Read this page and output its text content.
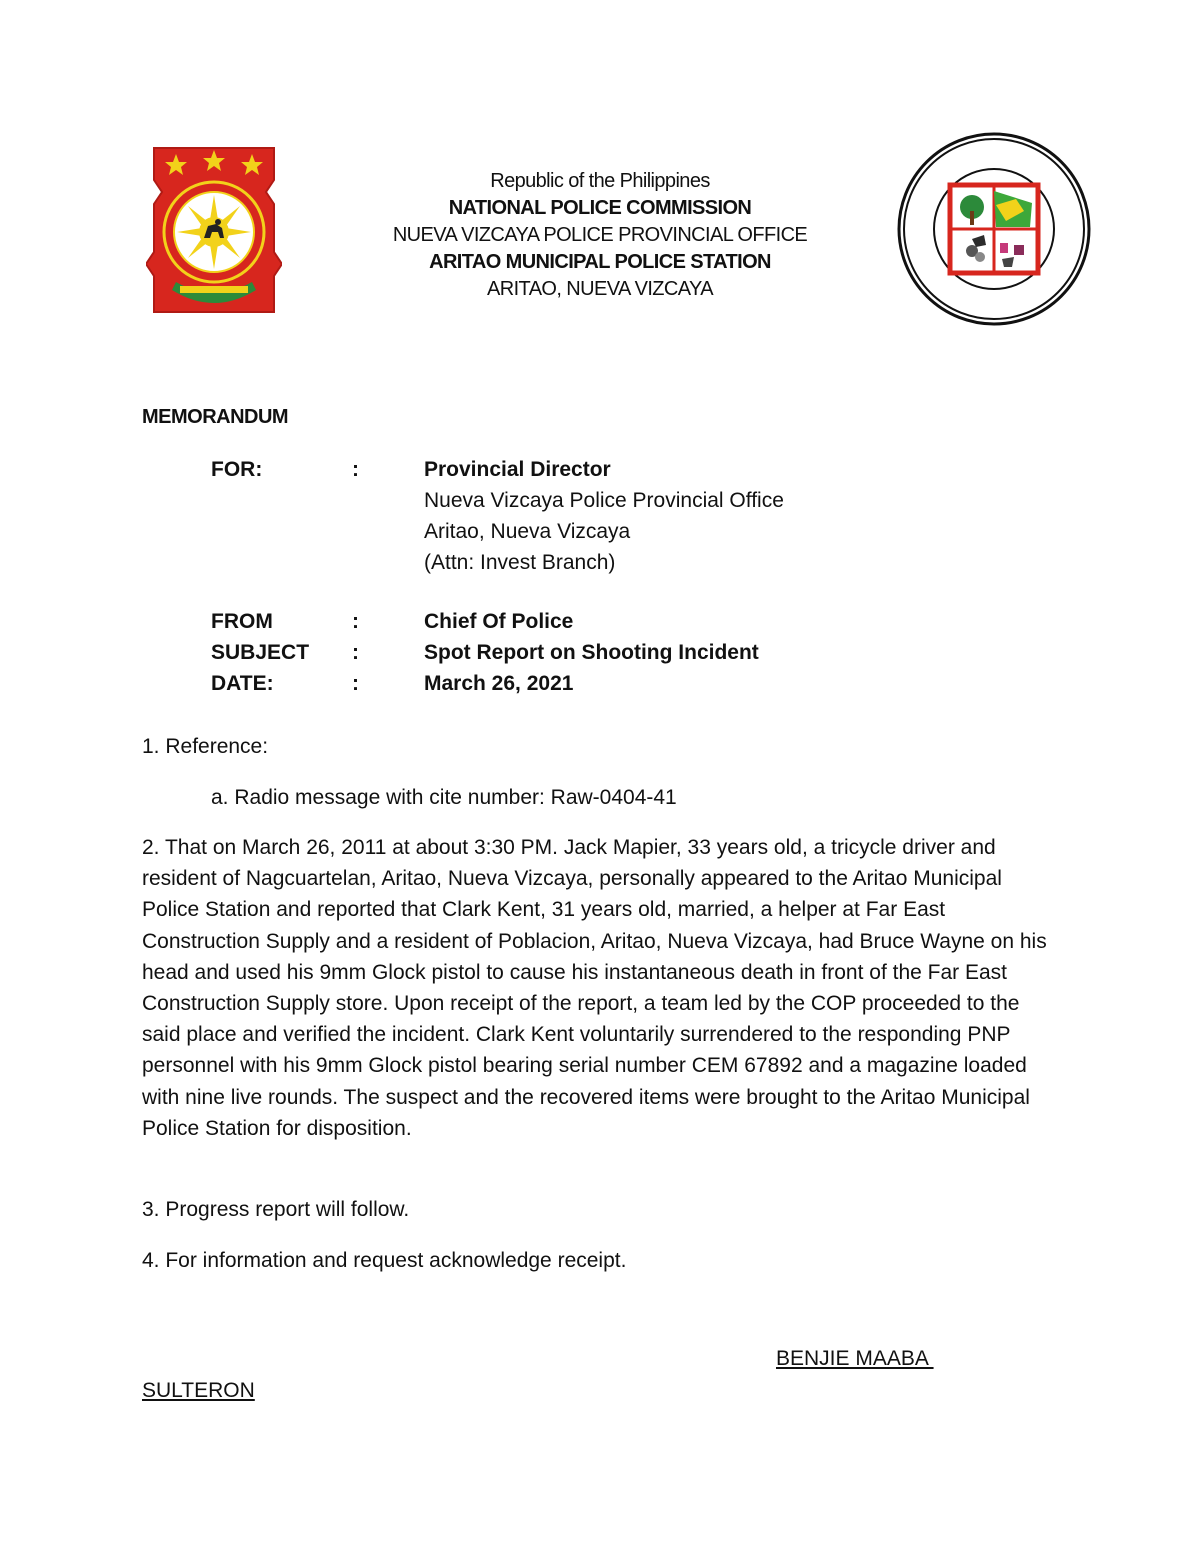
Republic of the Philippines
NATIONAL POLICE COMMISSION
NUEVA VIZCAYA POLICE PROVINCIAL OFFICE
ARITAO MUNICIPAL POLICE STATION
ARITAO, NUEVA VIZCAYA
MEMORANDUM
FOR:	:	Provincial Director
Nueva Vizcaya Police Provincial Office
Aritao, Nueva Vizcaya
(Attn: Invest Branch)
FROM	:	Chief Of Police
SUBJECT :	Spot Report on Shooting Incident
DATE:	:	March 26, 2021
1. Reference:
a. Radio message with cite number: Raw-0404-41
2. That on March 26, 2011 at about 3:30 PM. Jack Mapier, 33 years old, a tricycle driver and resident of Nagcuartelan, Aritao, Nueva Vizcaya, personally appeared to the Aritao Municipal Police Station and reported that Clark Kent, 31 years old, married, a helper at Far East Construction Supply and a resident of Poblacion, Aritao, Nueva Vizcaya, had Bruce Wayne on his head and used his 9mm Glock pistol to cause his instantaneous death in front of the Far East Construction Supply store. Upon receipt of the report, a team led by the COP proceeded to the said place and verified the incident. Clark Kent voluntarily surrendered to the responding PNP personnel with his 9mm Glock pistol bearing serial number CEM 67892 and a magazine loaded with nine live rounds. The suspect and the recovered items were brought to the Aritao Municipal Police Station for disposition.
3. Progress report will follow.
4. For information and request acknowledge receipt.
BENJIE MAABA
SULTERON
